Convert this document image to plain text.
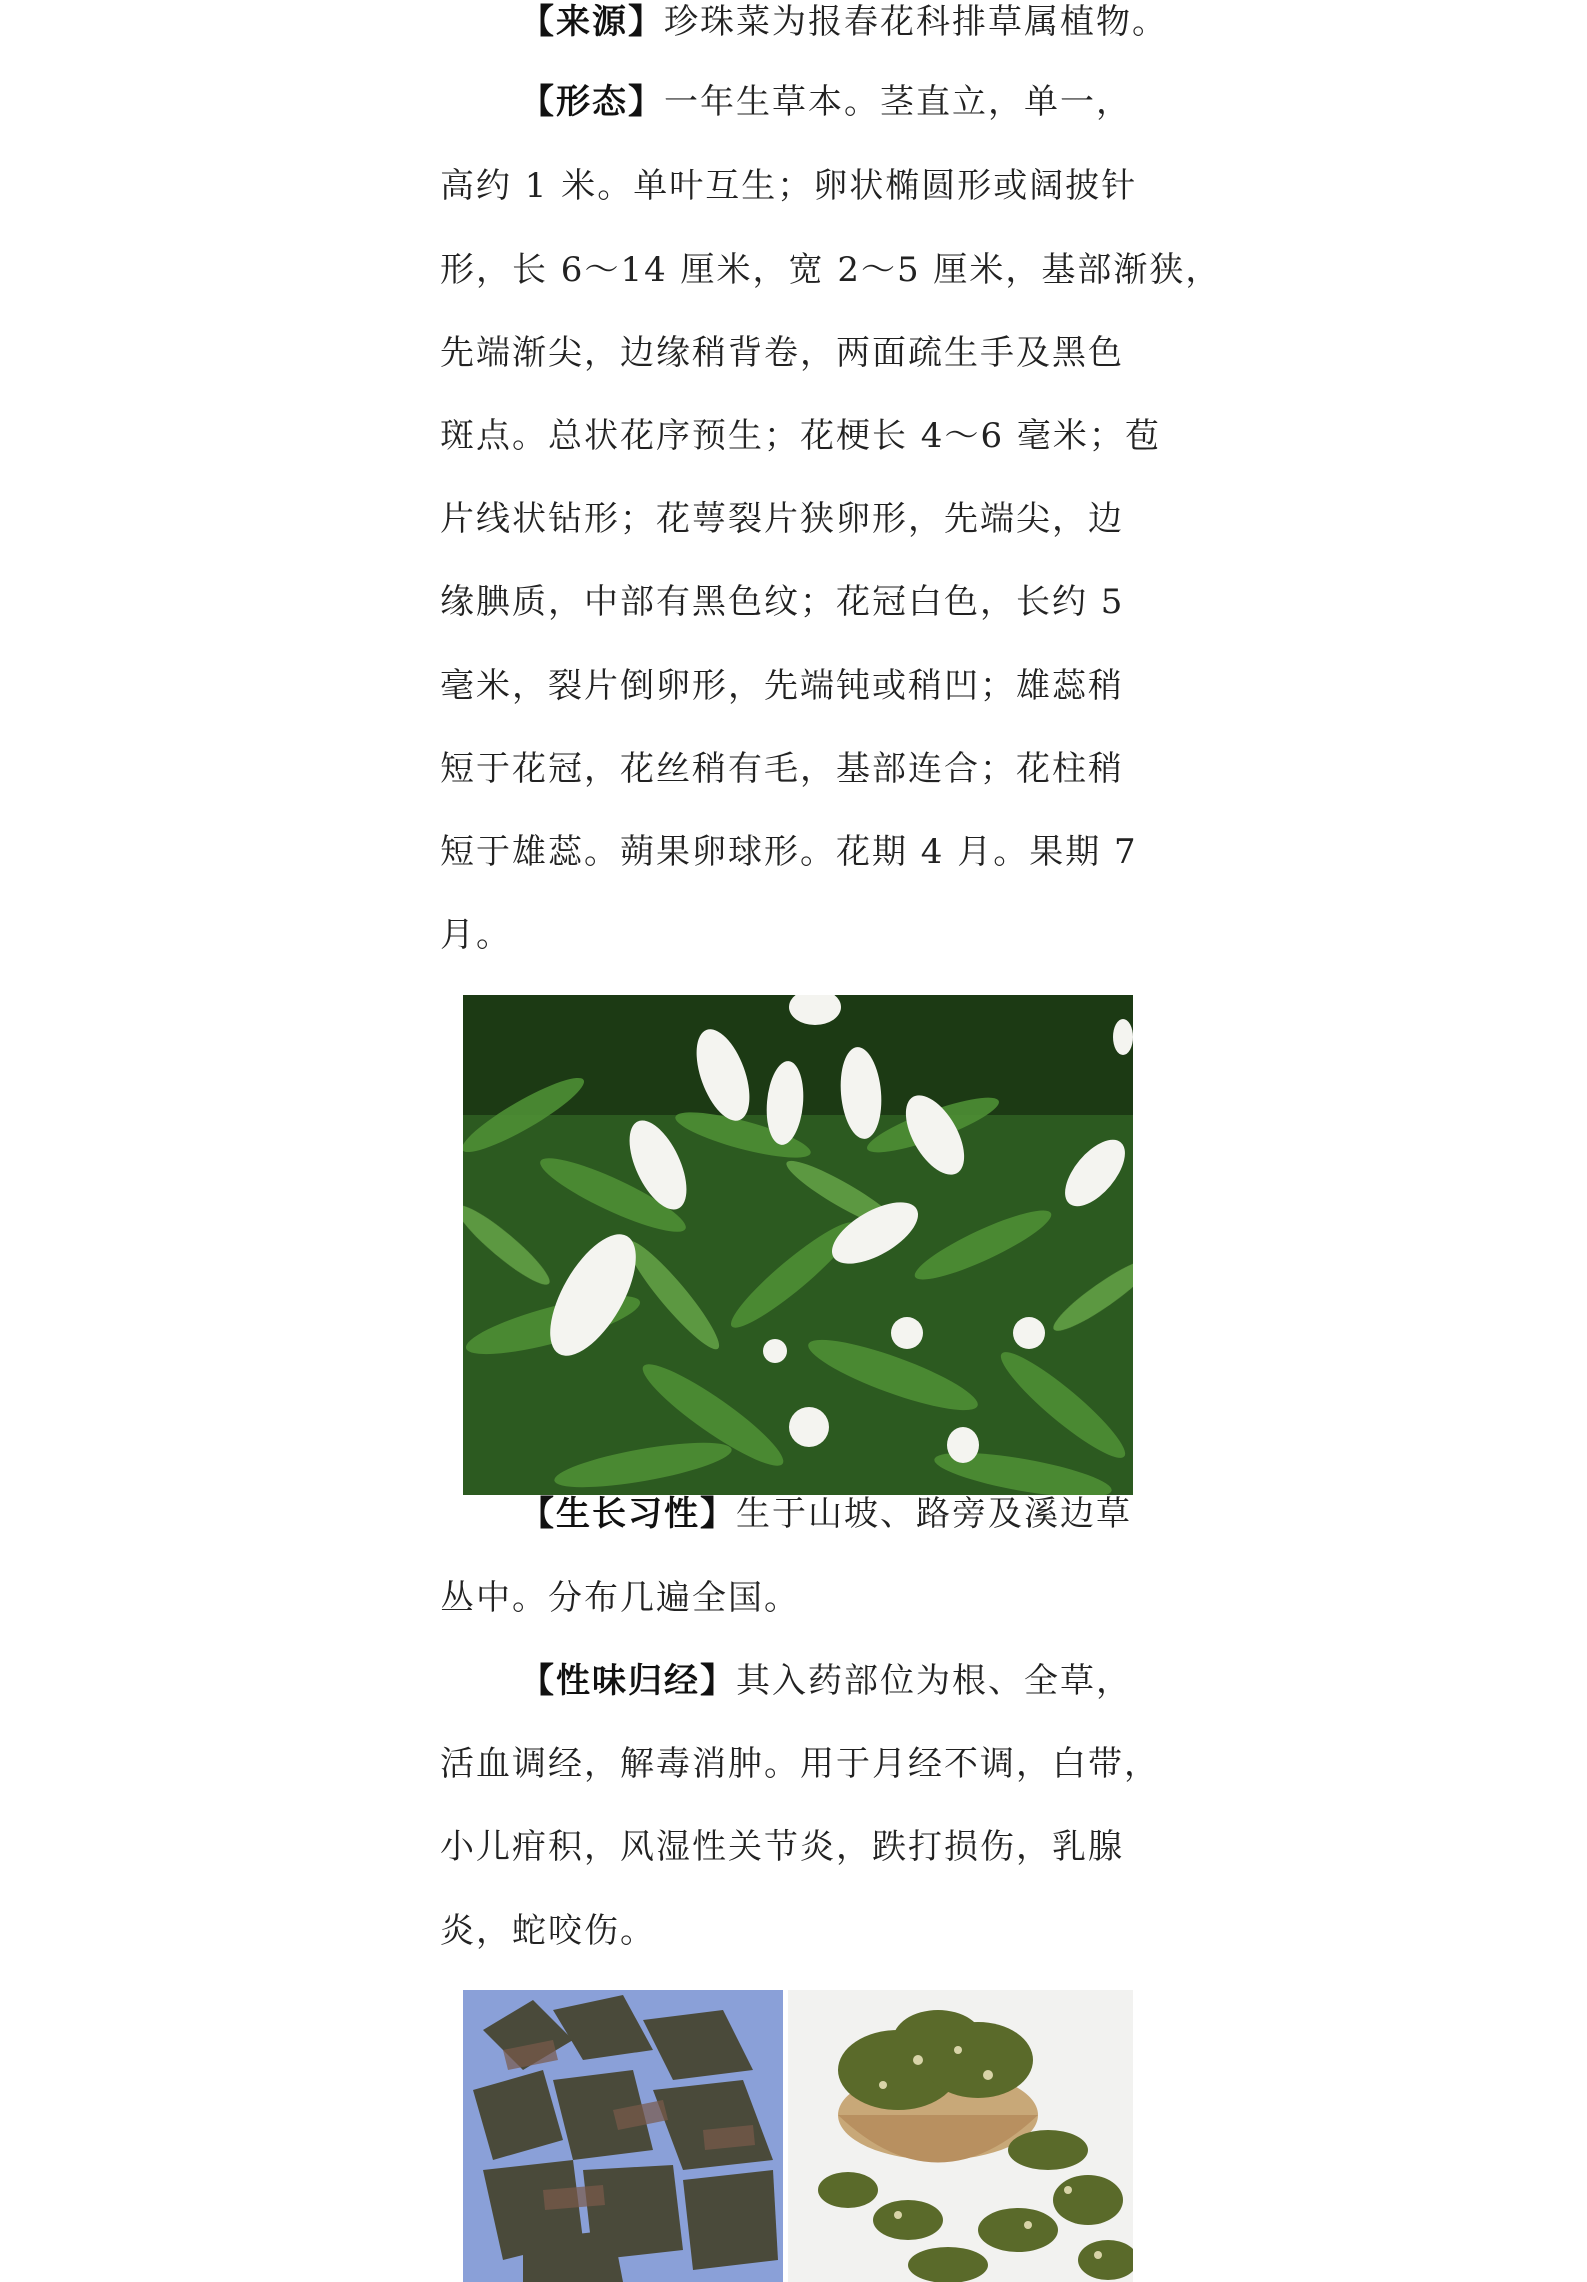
【来源】珍珠菜为报春花科排草属植物。
【形态】一年生草本。茎直立，单一，
高约 1 米。单叶互生；卵状椭圆形或阔披针
形，长 6～14 厘米，宽 2～5 厘米，基部渐狭，
先端渐尖，边缘稍背卷，两面疏生手及黑色
斑点。总状花序预生；花梗长 4～6 毫米；苞
片线状钻形；花萼裂片狭卵形，先端尖，边
缘腆质，中部有黑色纹；花冠白色，长约 5
毫米，裂片倒卵形，先端钝或稍凹；雄蕊稍
短于花冠，花丝稍有毛，基部连合；花柱稍
短于雄蕊。蒴果卵球形。花期 4 月。果期 7
月。
【生长习性】生于山坡、路旁及溪边草
丛中。分布几遍全国。
【性味归经】其入药部位为根、全草，
活血调经，解毒消肿。用于月经不调，白带，
小儿疳积，风湿性关节炎，跌打损伤，乳腺
炎，蛇咬伤。
